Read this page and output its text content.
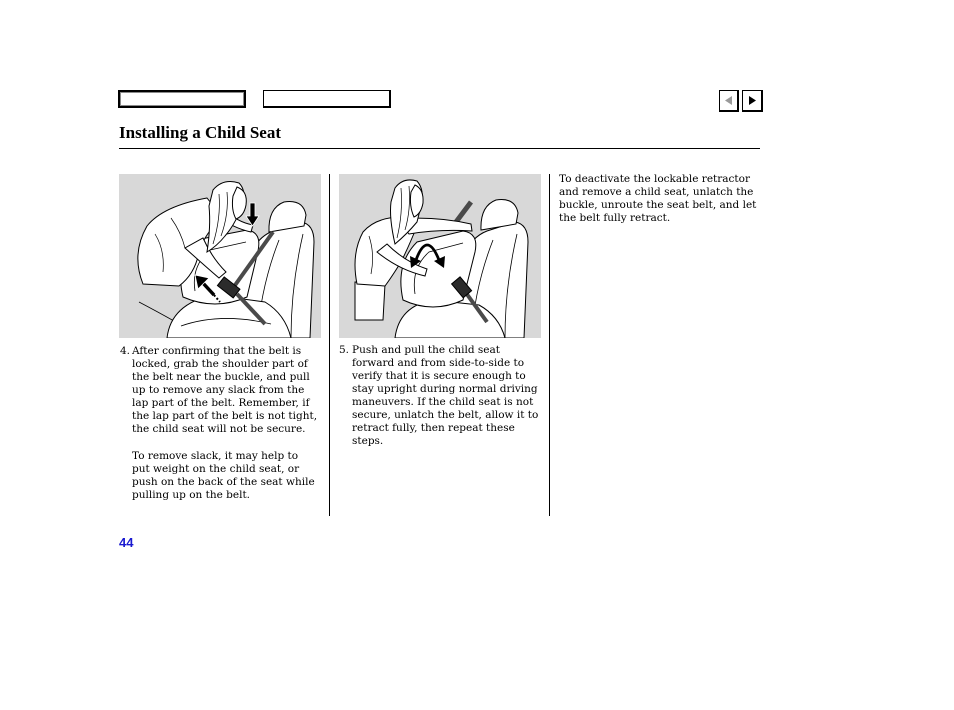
Installing a Child Seat
4. After confirming that the belt is
locked, grab the shoulder part of
the belt near the buckle, and pull
up to remove any slack from the
lap part of the belt. Remember, if
the lap part of the belt is not tight,
the child seat will not be secure.
To remove slack, it may help to
put weight on the child seat, or
push on the back of the seat while
pulling up on the belt.
5. Push and pull the child seat
forward and from side-to-side to
verify that it is secure enough to
stay upright during normal driving
maneuvers. If the child seat is not
secure, unlatch the belt, allow it to
retract fully, then repeat these
steps.
To deactivate the lockable retractor
and remove a child seat, unlatch the
buckle, unroute the seat belt, and let
the belt fully retract.
44
